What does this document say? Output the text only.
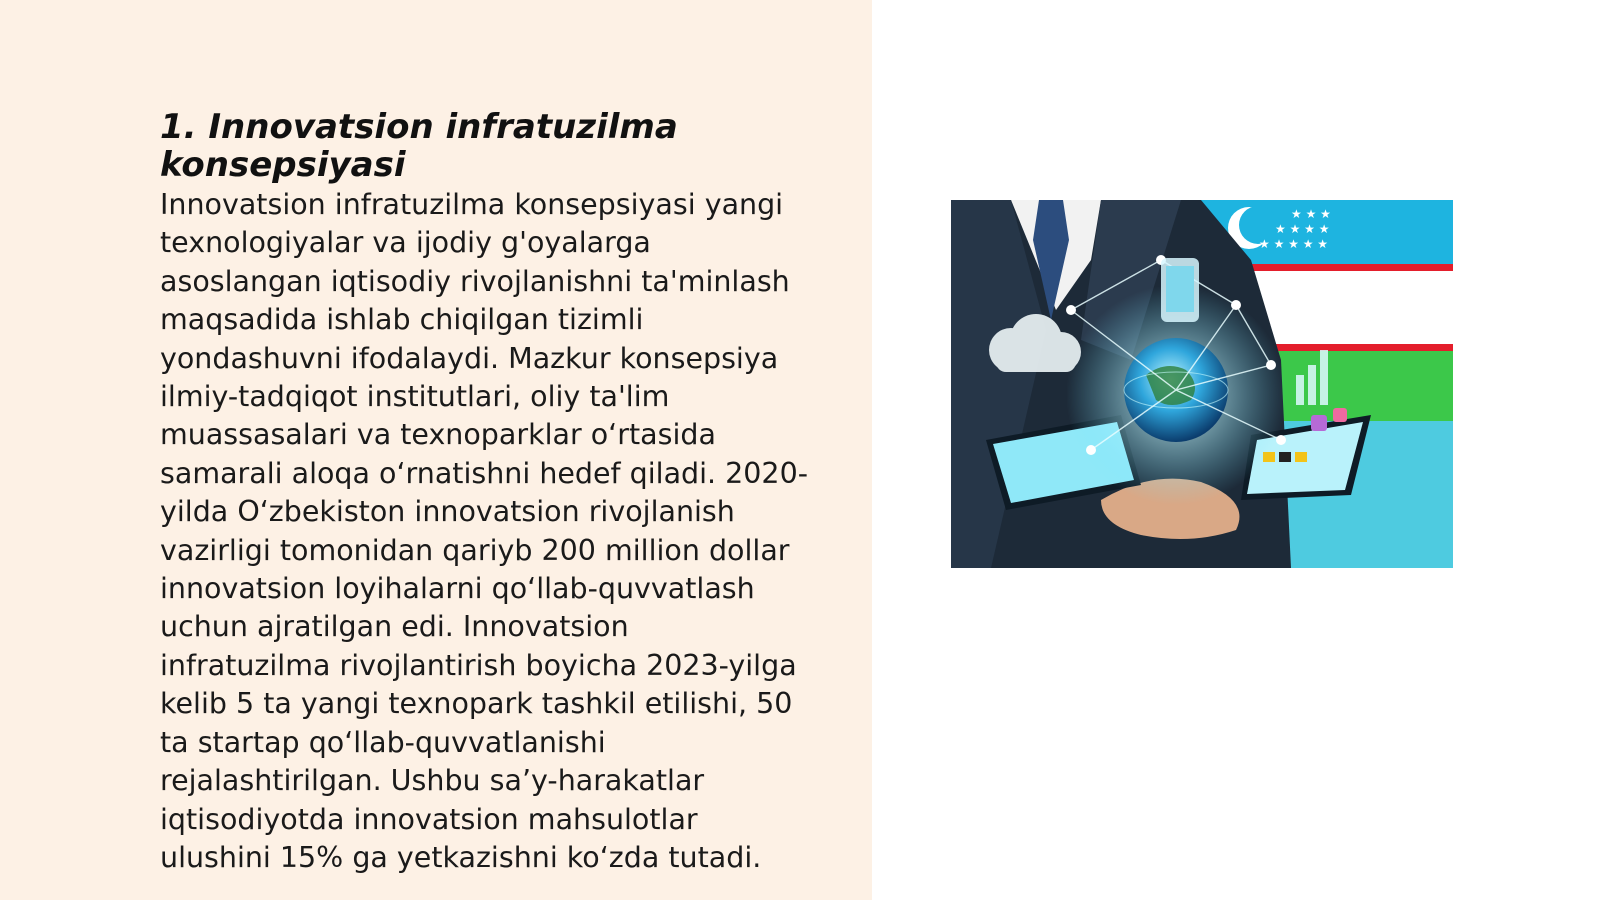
1. Innovatsion infratuzilma konsepsiyasi
Innovatsion infratuzilma konsepsiyasi yangi
texnologiyalar va ijodiy g'oyalarga
asoslangan iqtisodiy rivojlanishni ta'minlash
maqsadida ishlab chiqilgan tizimli
yondashuvni ifodalaydi. Mazkur konsepsiya
ilmiy-tadqiqot institutlari, oliy ta'lim
muassasalari va texnoparklar o‘rtasida
samarali aloqa o‘rnatishni hedef qiladi. 2020-
yilda O‘zbekiston innovatsion rivojlanish
vazirligi tomonidan qariyb 200 million dollar
innovatsion loyihalarni qo‘llab-quvvatlash
uchun ajratilgan edi. Innovatsion
infratuzilma rivojlantirish boyicha 2023-yilga
kelib 5 ta yangi texnopark tashkil etilishi, 50
ta startap qo‘llab-quvvatlanishi
rejalashtirilgan. Ushbu sa’y-harakatlar
iqtisodiyotda innovatsion mahsulotlar
ulushini 15% ga yetkazishni ko‘zda tutadi.
★ ★ ★
★ ★ ★ ★
★ ★ ★ ★ ★
